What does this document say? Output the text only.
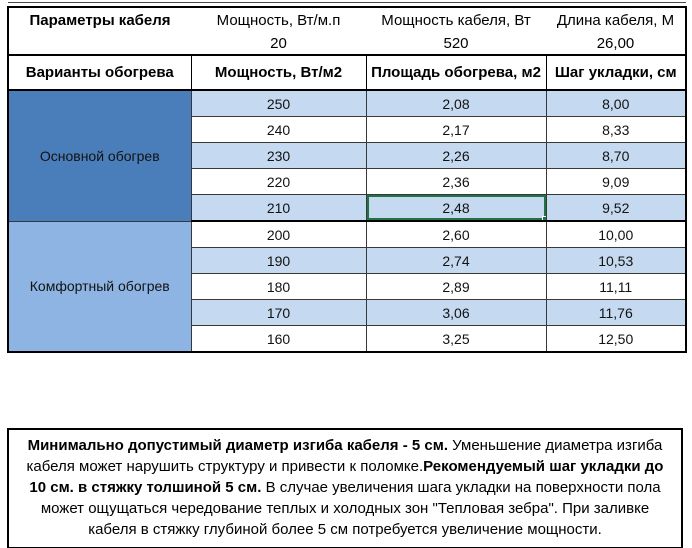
Параметры кабеля	Мощность, Вт/м.п	Мощность кабеля, Вт	Длина кабеля, М
	20	520	26,00
Варианты обогрева	Мощность, Вт/м2	Площадь обогрева, м2	Шаг укладки, см
Основной обогрев	250	2,08	8,00
	240	2,17	8,33
	230	2,26	8,70
	220	2,36	9,09
	210	2,48	9,52
Комфортный обогрев	200	2,60	10,00
	190	2,74	10,53
	180	2,89	11,11
	170	3,06	11,76
	160	3,25	12,50
Минимально допустимый диаметр изгиба кабеля - 5 см. Уменьшение диаметра изгиба кабеля может нарушить структуру и привести к поломке.Рекомендуемый шаг укладки до 10 см. в стяжку толшиной 5 см. В случае увеличения шага укладки на поверхности пола может ощущаться чередование теплых и холодных зон "Тепловая зебра". При заливке кабеля в стяжку глубиной более 5 см потребуется увеличение мощности.
